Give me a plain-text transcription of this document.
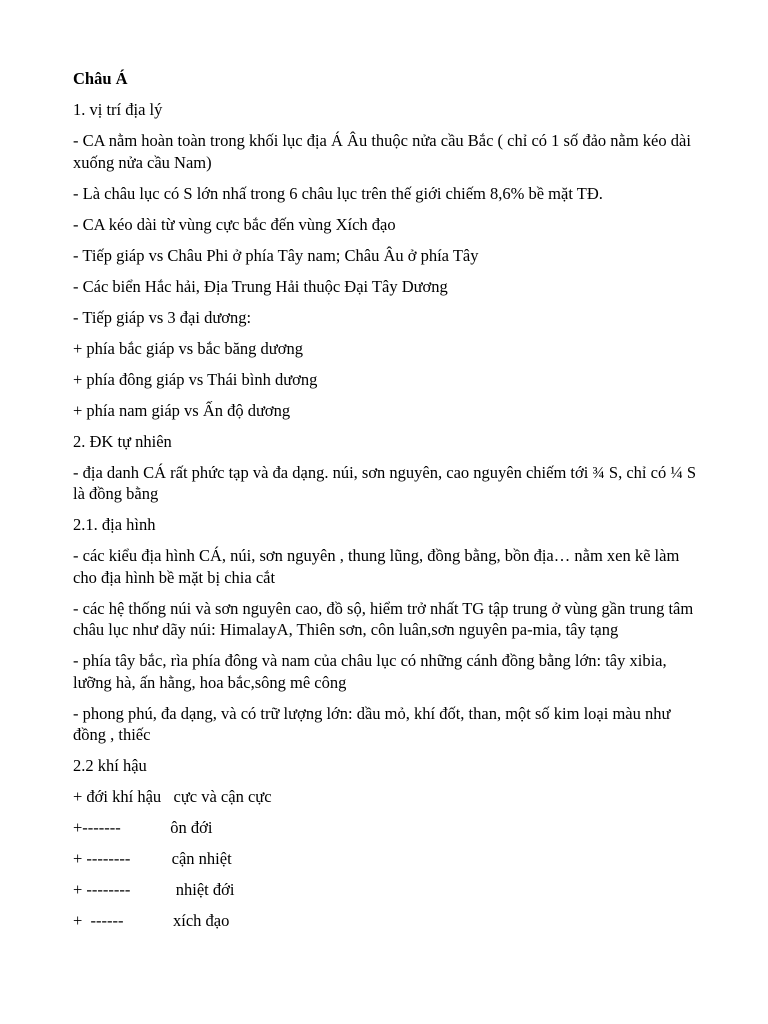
Châu Á

1. vị trí địa lý

- CA nằm hoàn toàn trong khối lục địa Á Âu thuộc nửa cầu Bắc ( chỉ có 1 số đảo nằm kéo dài xuống nửa cầu Nam)

- Là châu lục có S lớn nhấ trong 6 châu lục trên thế giới chiếm 8,6% bề mặt TĐ.

- CA kéo dài từ vùng cực bắc đến vùng Xích đạo

- Tiếp giáp vs Châu Phi ở phía Tây nam; Châu Âu ở phía Tây

- Các biển Hắc hải, Địa Trung Hải thuộc Đại Tây Dương

- Tiếp giáp vs 3 đại dương:

+ phía bắc giáp vs bắc băng dương

+ phía đông giáp vs Thái bình dương

+ phía nam giáp vs Ấn độ dương

2. ĐK tự nhiên

- địa danh CÁ rất phức tạp và đa dạng. núi, sơn nguyên, cao nguyên chiếm tới ¾ S, chỉ có ¼ S là đồng bằng

2.1. địa hình

- các kiểu địa hình CÁ, núi, sơn nguyên , thung lũng, đồng bằng, bồn địa… nằm xen kẽ làm cho địa hình bề mặt bị chia cắt

- các hệ thống núi và sơn nguyên cao, đồ sộ, hiểm trở nhất TG tập trung ở vùng gần trung tâm châu lục như dãy núi: HimalayA, Thiên sơn, côn luân,sơn nguyên pa-mia, tây tạng

- phía tây bắc, rìa phía đông và nam của châu lục có những cánh đồng bằng lớn: tây xibia, lưỡng hà, ấn hằng, hoa bắc,sông mê công

- phong phú, đa dạng, và có trữ lượng lớn: dầu mỏ, khí đốt, than, một số kim loại màu như đồng , thiếc

2.2 khí hậu

+ đới khí hậu   cực và cận cực

+-------            ôn đới

+ --------          cận nhiệt

+ --------           nhiệt đới

+  ------            xích đạo
